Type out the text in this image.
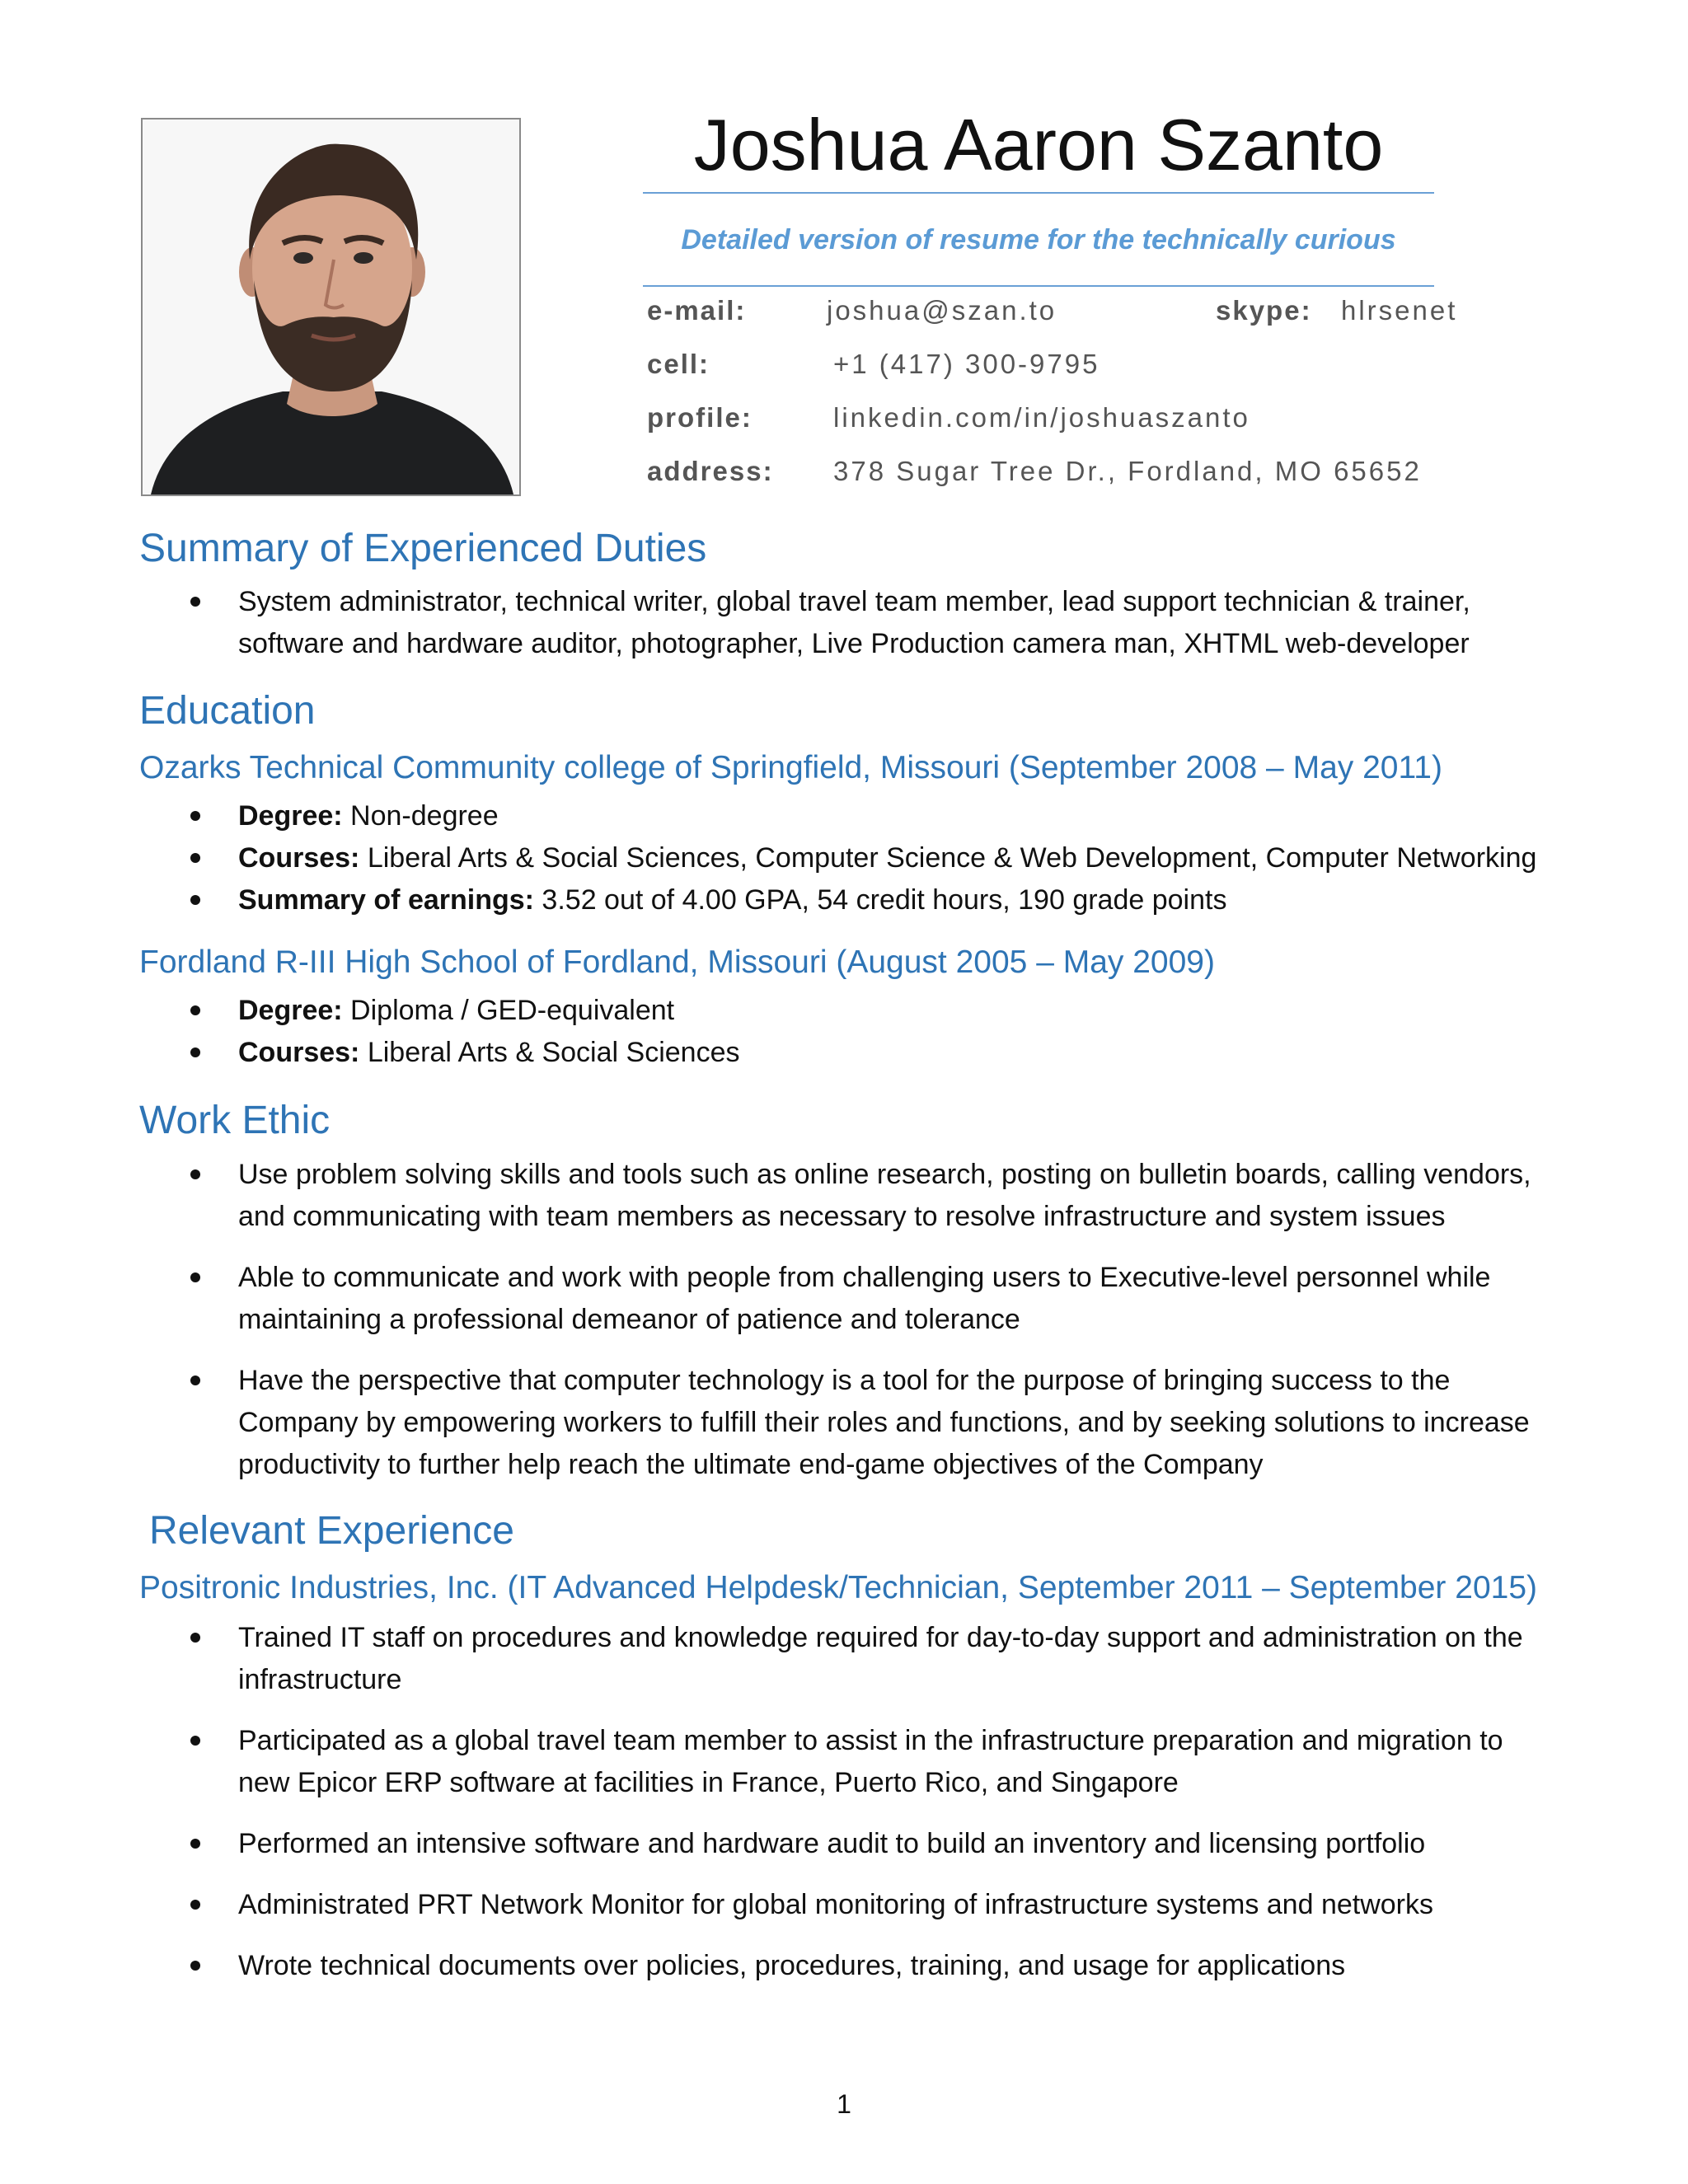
Joshua Aaron Szanto
Detailed version of resume for the technically curious
e-mail:	joshua@szan.to	skype: hlrsenet
cell:	+1 (417) 300-9795
profile:	linkedin.com/in/joshuaszanto
address: 378 Sugar Tree Dr., Fordland, MO 65652
Summary of Experienced Duties
System administrator, technical writer, global travel team member, lead support technician & trainer,
software and hardware auditor, photographer, Live Production camera man, XHTML web-developer
Education
Ozarks Technical Community college of Springfield, Missouri (September 2008 – May 2011)
Degree: Non-degree
Courses: Liberal Arts & Social Sciences, Computer Science & Web Development, Computer Networking
Summary of earnings: 3.52 out of 4.00 GPA, 54 credit hours, 190 grade points
Fordland R-III High School of Fordland, Missouri (August 2005 – May 2009)
Degree: Diploma / GED-equivalent
Courses: Liberal Arts & Social Sciences
Work Ethic
Use problem solving skills and tools such as online research, posting on bulletin boards, calling vendors,
and communicating with team members as necessary to resolve infrastructure and system issues
Able to communicate and work with people from challenging users to Executive-level personnel while
maintaining a professional demeanor of patience and tolerance
Have the perspective that computer technology is a tool for the purpose of bringing success to the
Company by empowering workers to fulfill their roles and functions, and by seeking solutions to increase
productivity to further help reach the ultimate end-game objectives of the Company
Relevant Experience
Positronic Industries, Inc. (IT Advanced Helpdesk/Technician, September 2011 – September 2015)
Trained IT staff on procedures and knowledge required for day-to-day support and administration on the
infrastructure
Participated as a global travel team member to assist in the infrastructure preparation and migration to
new Epicor ERP software at facilities in France, Puerto Rico, and Singapore
Performed an intensive software and hardware audit to build an inventory and licensing portfolio
Administrated PRT Network Monitor for global monitoring of infrastructure systems and networks
Wrote technical documents over policies, procedures, training, and usage for applications
1
